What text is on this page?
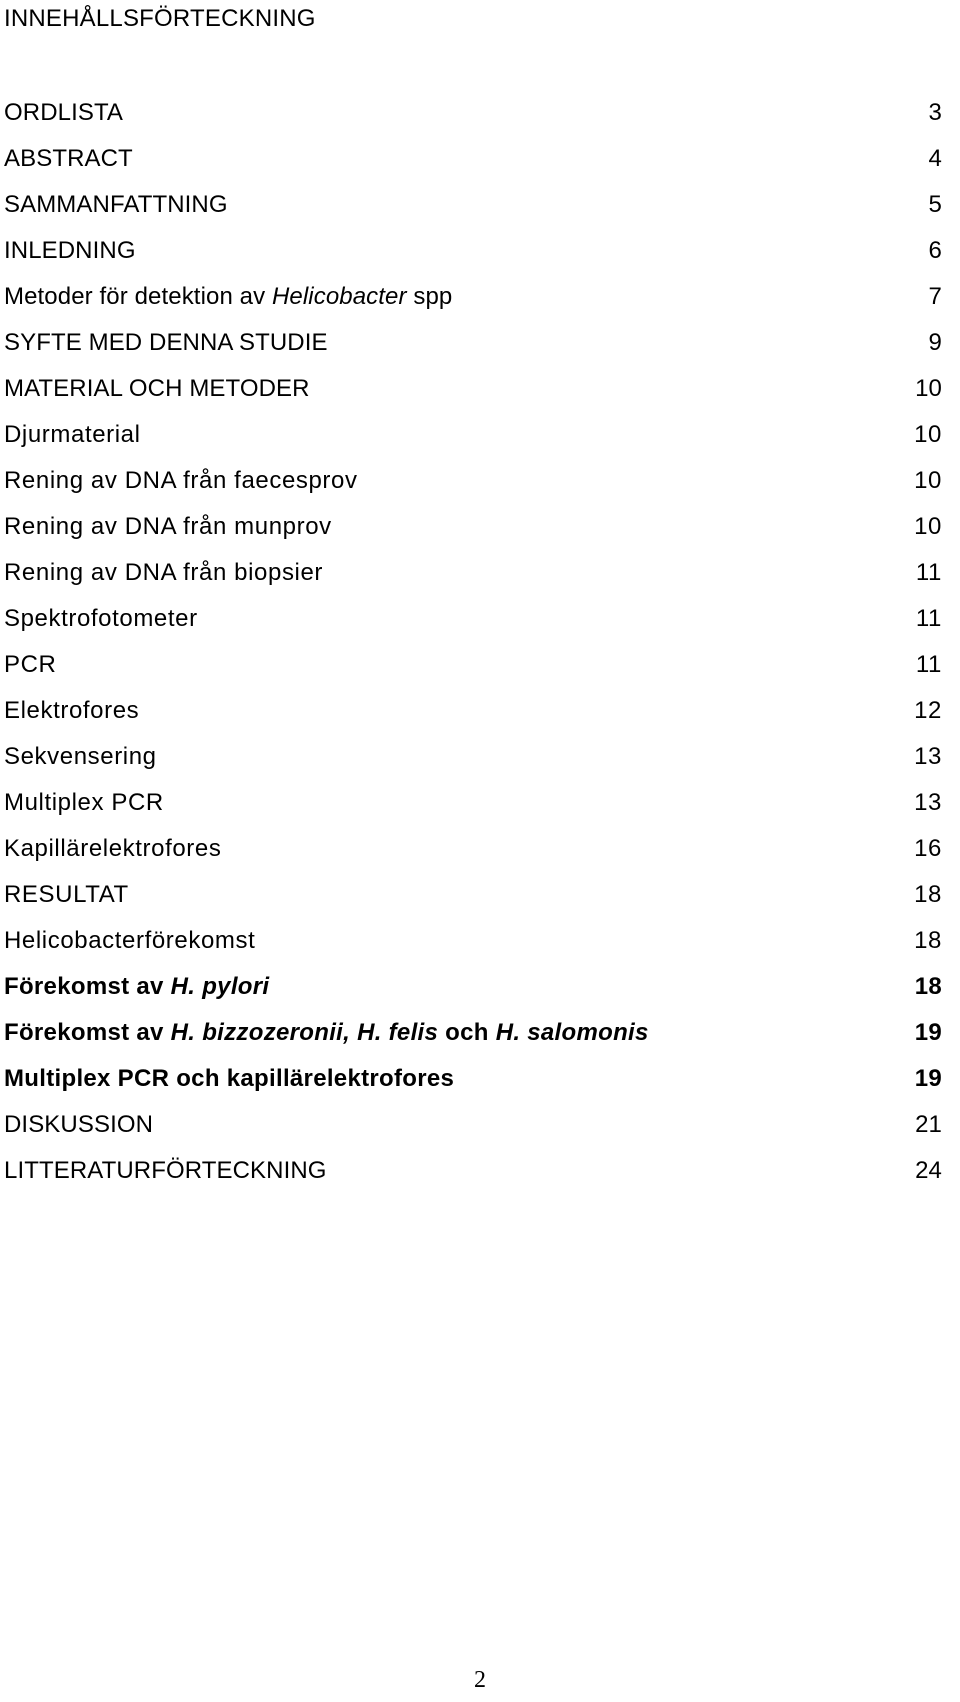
INNEHÅLLSFÖRTECKNING
ORDLISTA	3
ABSTRACT	4
SAMMANFATTNING	5
INLEDNING	6
Metoder för detektion av Helicobacter spp	7
SYFTE MED DENNA STUDIE	9
MATERIAL OCH METODER	10
Djurmaterial	10
Rening av DNA från faecesprov	10
Rening av DNA från munprov	10
Rening av DNA från biopsier	11
Spektrofotometer	11
PCR	11
Elektrofores	12
Sekvensering	13
Multiplex PCR	13
Kapillärelektrofores	16
RESULTAT	18
Helicobacterförekomst	18
Förekomst av H. pylori	18
Förekomst av H. bizzozeronii, H. felis och H. salomonis	19
Multiplex PCR och kapillärelektrofores	19
DISKUSSION	21
LITTERATURFÖRTECKNING	24
2
